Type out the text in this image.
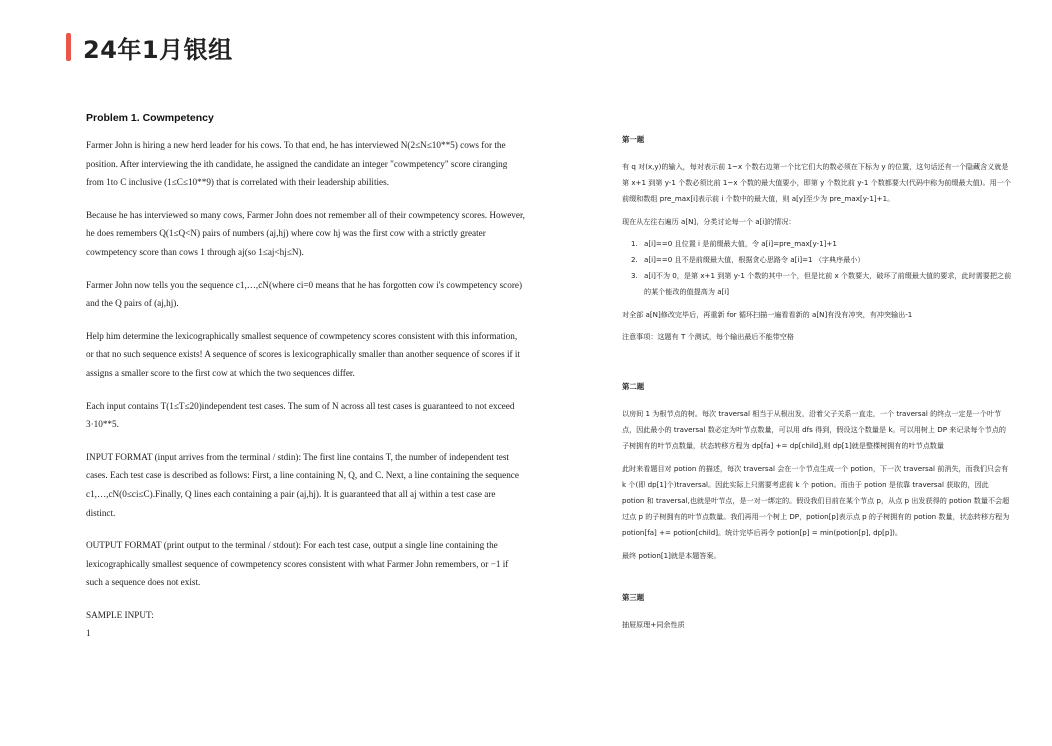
24年1月银组
Problem 1. Cowmpetency

Farmer John is hiring a new herd leader for his cows. To that end, he has interviewed N(2≤N≤10**5) cows for the position. After interviewing the ith candidate, he assigned the candidate an integer "cowmpetency" score ciranging from 1to C inclusive (1≤C≤10**9) that is correlated with their leadership abilities.

Because he has interviewed so many cows, Farmer John does not remember all of their cowmpetency scores. However, he does remembers Q(1≤Q<N) pairs of numbers (aj,hj) where cow hj was the first cow with a strictly greater cowmpetency score than cows 1 through aj(so 1≤aj<hj≤N).

Farmer John now tells you the sequence c1,…,cN(where ci=0 means that he has forgotten cow i's cowmpetency score) and the Q pairs of (aj,hj).

Help him determine the lexicographically smallest sequence of cowmpetency scores consistent with this information, or that no such sequence exists! A sequence of scores is lexicographically smaller than another sequence of scores if it assigns a smaller score to the first cow at which the two sequences differ.

Each input contains T(1≤T≤20)independent test cases. The sum of N across all test cases is guaranteed to not exceed 3·10**5.

INPUT FORMAT (input arrives from the terminal / stdin): The first line contains T, the number of independent test cases. Each test case is described as follows: First, a line containing N, Q, and C. Next, a line containing the sequence c1,…,cN(0≤ci≤C).Finally, Q lines each containing a pair (aj,hj). It is guaranteed that all aj within a test case are distinct.

OUTPUT FORMAT (print output to the terminal / stdout): For each test case, output a single line containing the lexicographically smallest sequence of cowmpetency scores consistent with what Farmer John remembers, or −1 if such a sequence does not exist.

SAMPLE INPUT:

1

第一题

有 q 对(x,y)的输入，每对表示前 1~x 个数右边第一个比它们大的数必须在下标为 y 的位置，这句话还有一个隐藏含义就是第 x+1 到第 y-1 个数必须比前 1~x 个数的最大值要小，即第 y 个数比前 y-1 个数都要大(代码中称为前缀最大值)。用一个前缀和数组 pre_max[i]表示前 i 个数中的最大值，则 a[y]至少为 pre_max[y-1]+1。

现在从左往右遍历 a[N]，分类讨论每一个 a[i]的情况：

1. a[i]==0 且位置 i 是前缀最大值，令 a[i]=pre_max[y-1]+1
2. a[i]==0 且不是前缀最大值，根据贪心思路令 a[i]=1 （字典序最小）
3. a[i]不为 0，是第 x+1 到第 y-1 个数的其中一个，但是比前 x 个数要大，破坏了前缀最大值的要求，此时需要把之前的某个能改的值提高为 a[i]

对全部 a[N]修改完毕后，再重新 for 循环扫描一遍看看新的 a[N]有没有冲突，有冲突输出-1

注意事项：这题有 T 个测试，每个输出最后不能带空格

第二题

以房间 1 为根节点的树。每次 traversal 相当于从根出发，沿着父子关系一直走，一个 traversal 的终点一定是一个叶节点，因此最小的 traversal 数必定为叶节点数量，可以用 dfs 得到，假设这个数量是 k。可以用树上 DP 来记录每个节点的子树拥有的叶节点数量，状态转移方程为 dp[fa] += dp[child],则 dp[1]就是整棵树拥有的叶节点数量

此时来看题目对 potion 的描述，每次 traversal 会在一个节点生成一个 potion，下一次 traversal 前消失，而我们只会有 k 个(即 dp[1]个)traversal。因此实际上只需要考虑前 k 个 potion。而由于 potion 是依靠 traversal 获取的，因此 potion 和 traversal,也就是叶节点，是一对一绑定的。假设我们目前在某个节点 p，从点 p 出发获得的 potion 数量不会超过点 p 的子树拥有的叶节点数量。我们再用一个树上 DP，potion[p]表示点 p 的子树拥有的 potion 数量，状态转移方程为 potion[fa] += potion[child]。统计完毕后再令 potion[p] = min(potion[p], dp[p])。

最终 potion[1]就是本题答案。

第三题

抽屉原理+同余性质
